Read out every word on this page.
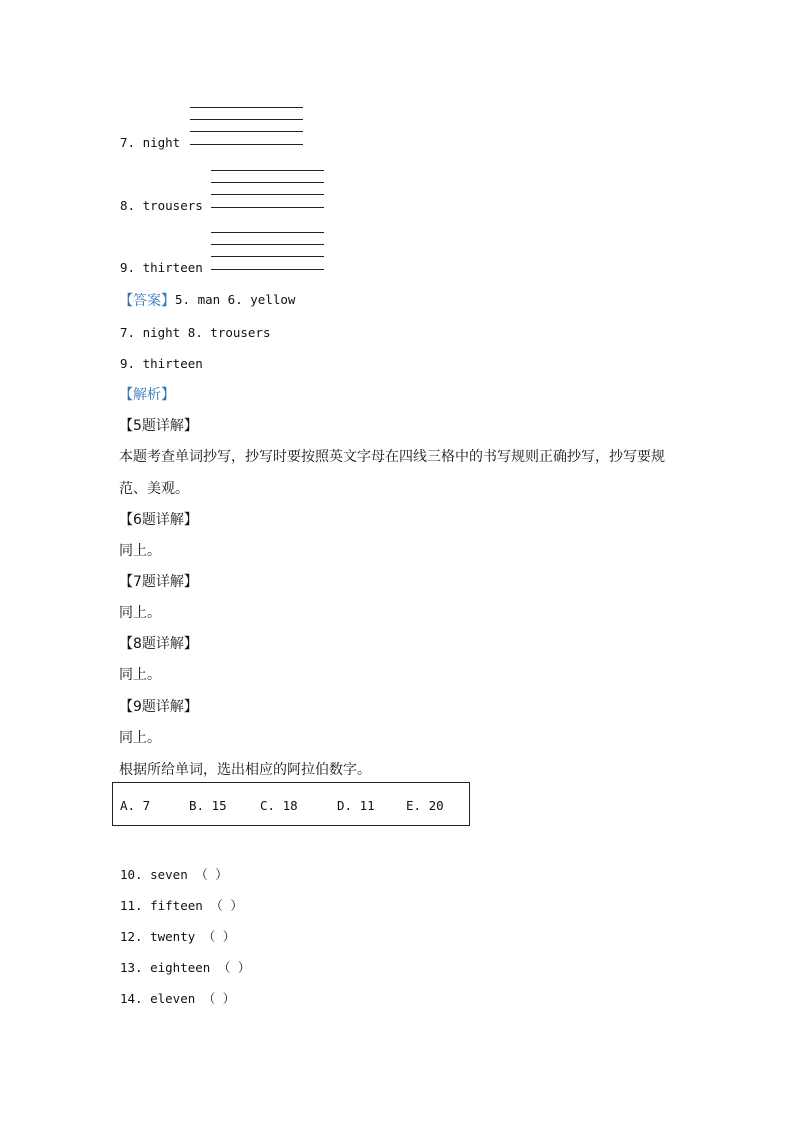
7. night
8. trousers
9. thirteen
【答案】 5. man 6. yellow
7. night 8. trousers
9. thirteen
【解析】
【5题详解】
本题考查单词抄写，抄写时要按照英文字母在四线三格中的书写规则正确抄写，抄写要规
范、美观。
【6题详解】
同上。
【7题详解】
同上。
【8题详解】
同上。
【9题详解】
同上。
根据所给单词，选出相应的阿拉伯数字。
A. 7	B. 15	C. 18	D. 11	E. 20
10. seven （ ）
11. fifteen （ ）
12. twenty （ ）
13. eighteen （ ）
14. eleven （ ）
